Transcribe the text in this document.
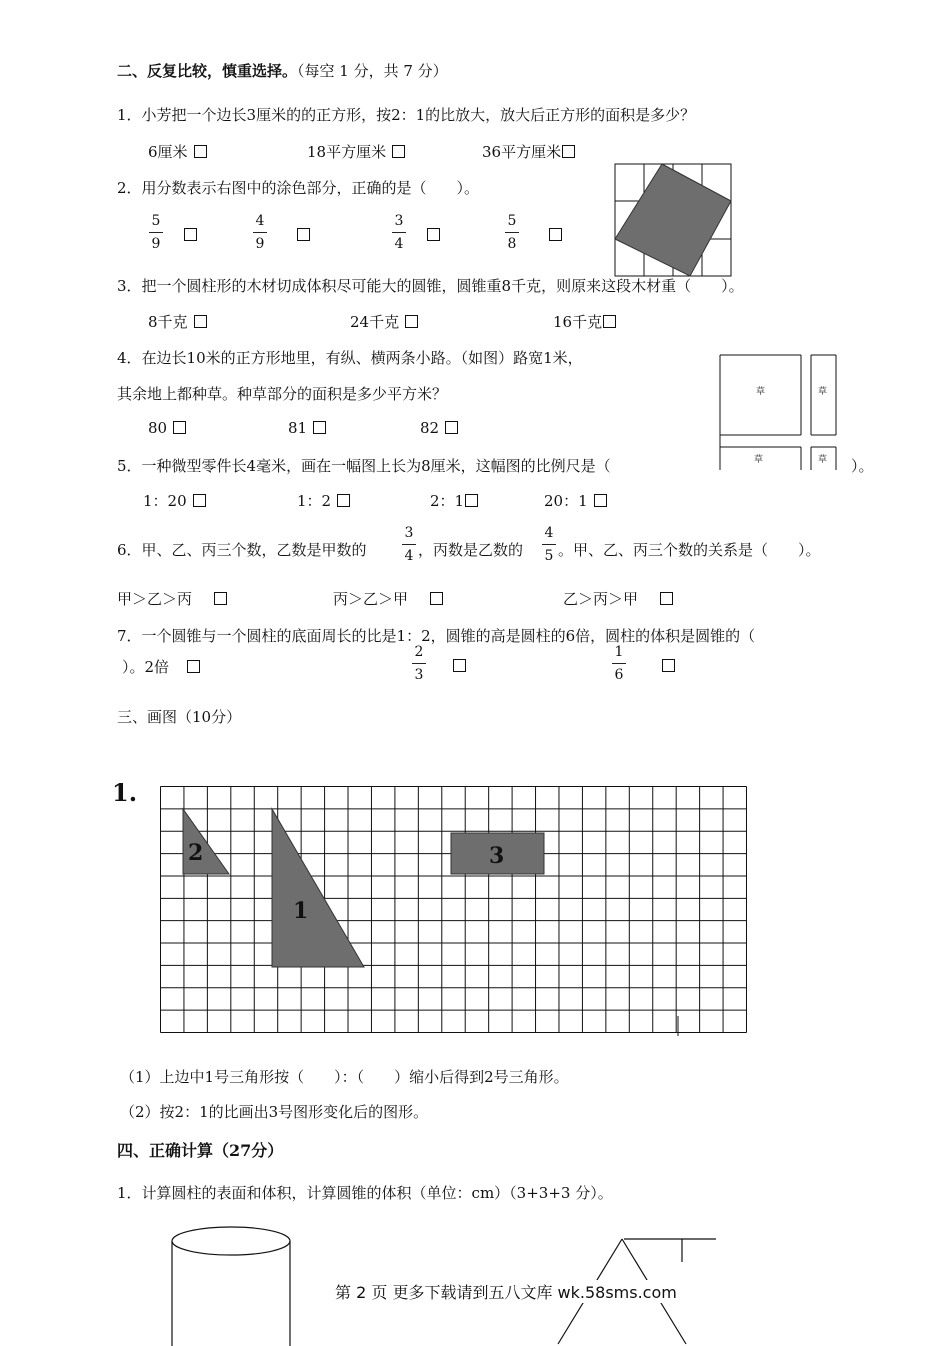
二、反复比较，慎重选择。（每空 1 分，共 7 分）
1．小芳把一个边长3厘米的的正方形，按2：1的比放大，放大后正方形的面积是多少？
6厘米	18平方厘米	36平方厘米
2．用分数表示右图中的涂色部分，正确的是（　　）。
5
9
4
9
3
4
5
8
3．把一个圆柱形的木材切成体积尽可能大的圆锥，圆锥重8千克，则原来这段木材重（　　）。
8千克	24千克	16千克
4．在边长10米的正方形地里，有纵、横两条小路。（如图）路宽1米，
其余地上都种草。种草部分的面积是多少平方米？
80	81	82
草	草
草	草
5．一种微型零件长4毫米，画在一幅图上长为8厘米，这幅图的比例尺是（	）。
1：20	1：2	2：1	20：1
6．甲、乙、丙三个数，乙数是甲数的
3
4 ，丙数是乙数的
4
5 。甲、乙、丙三个数的关系是（　　）。
甲＞乙＞丙	丙＞乙＞甲	乙＞丙＞甲
7．一个圆锥与一个圆柱的底面周长的比是1：2，圆锥的高是圆柱的6倍，圆柱的体积是圆锥的（
）。2倍
2
3
1
6
三、画图（10分）
1.
2
1
3
（1）上边中1号三角形按（　　）：（　　）缩小后得到2号三角形。
（2）按2：1的比画出3号图形变化后的图形。
四、正确计算（27分）
1．计算圆柱的表面和体积，计算圆锥的体积（单位：cm）（3+3+3 分）。
第 2 页 更多下载请到五八文库 wk.58sms.com
